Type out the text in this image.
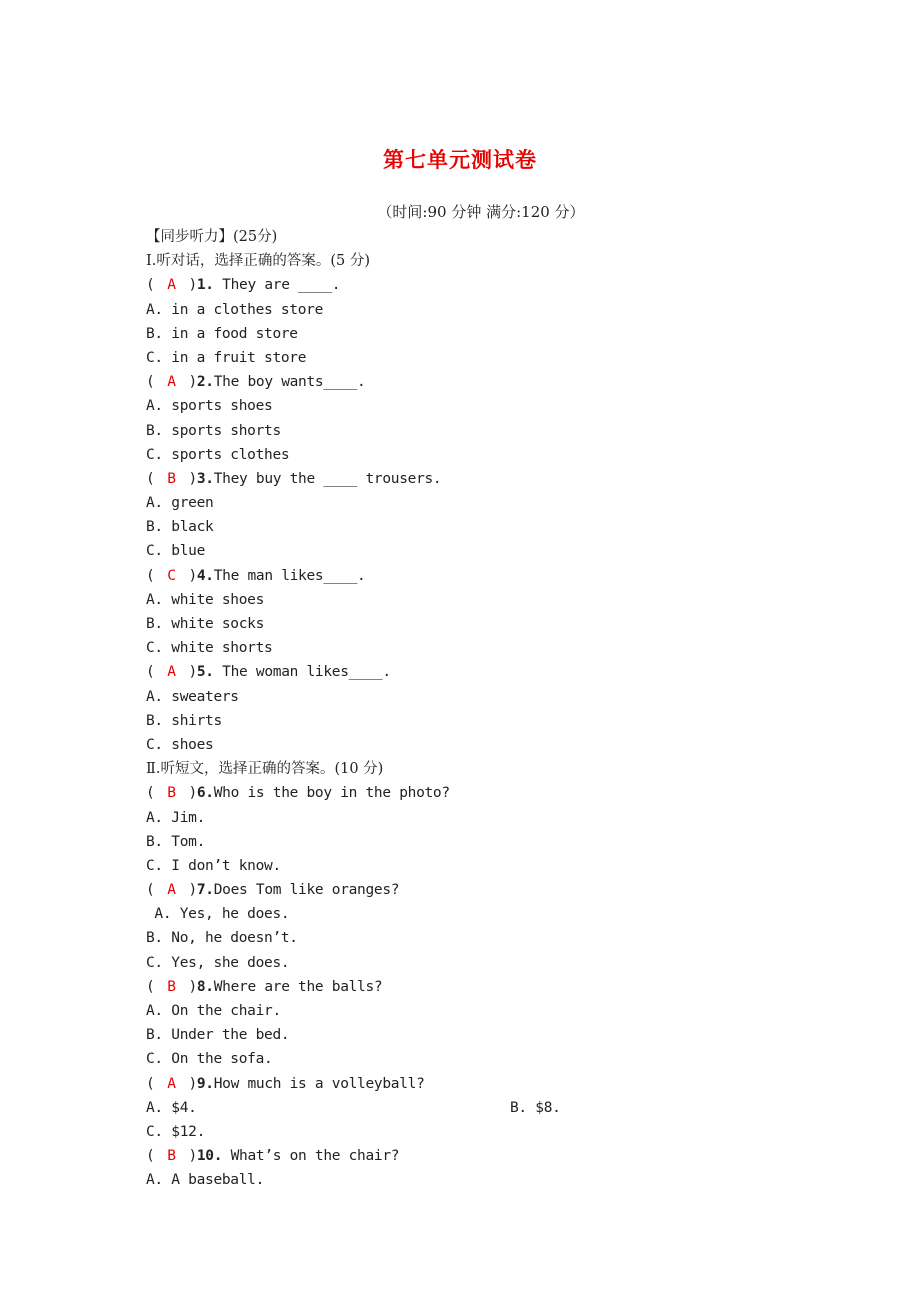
第七单元测试卷
（时间:90 分钟 满分:120 分）
【同步听力】(25分)
Ⅰ.听对话，选择正确的答案。(5 分)
( A )1. They are ____.
A. in a clothes store
B. in a food store
C. in a fruit store
( A )2.The boy wants____.
A. sports shoes
B. sports shorts
C. sports clothes
( B )3.They buy the ____ trousers.
A. green
B. black
C. blue
( C )4.The man likes____.
A. white shoes
B. white socks
C. white shorts
( A )5. The woman likes____.
A. sweaters
B. shirts
C. shoes
Ⅱ.听短文，选择正确的答案。(10 分)
( B )6.Who is the boy in the photo?
A. Jim.
B. Tom.
C. I don’t know.
( A )7.Does Tom like oranges?
A. Yes, he does.
B. No, he doesn’t.
C. Yes, she does.
( B )8.Where are the balls?
A. On the chair.
B. Under the bed.
C. On the sofa.
( A )9.How much is a volleyball?
A. $4.	B. $8.
C. $12.
( B )10. What’s on the chair?
A. A baseball.
